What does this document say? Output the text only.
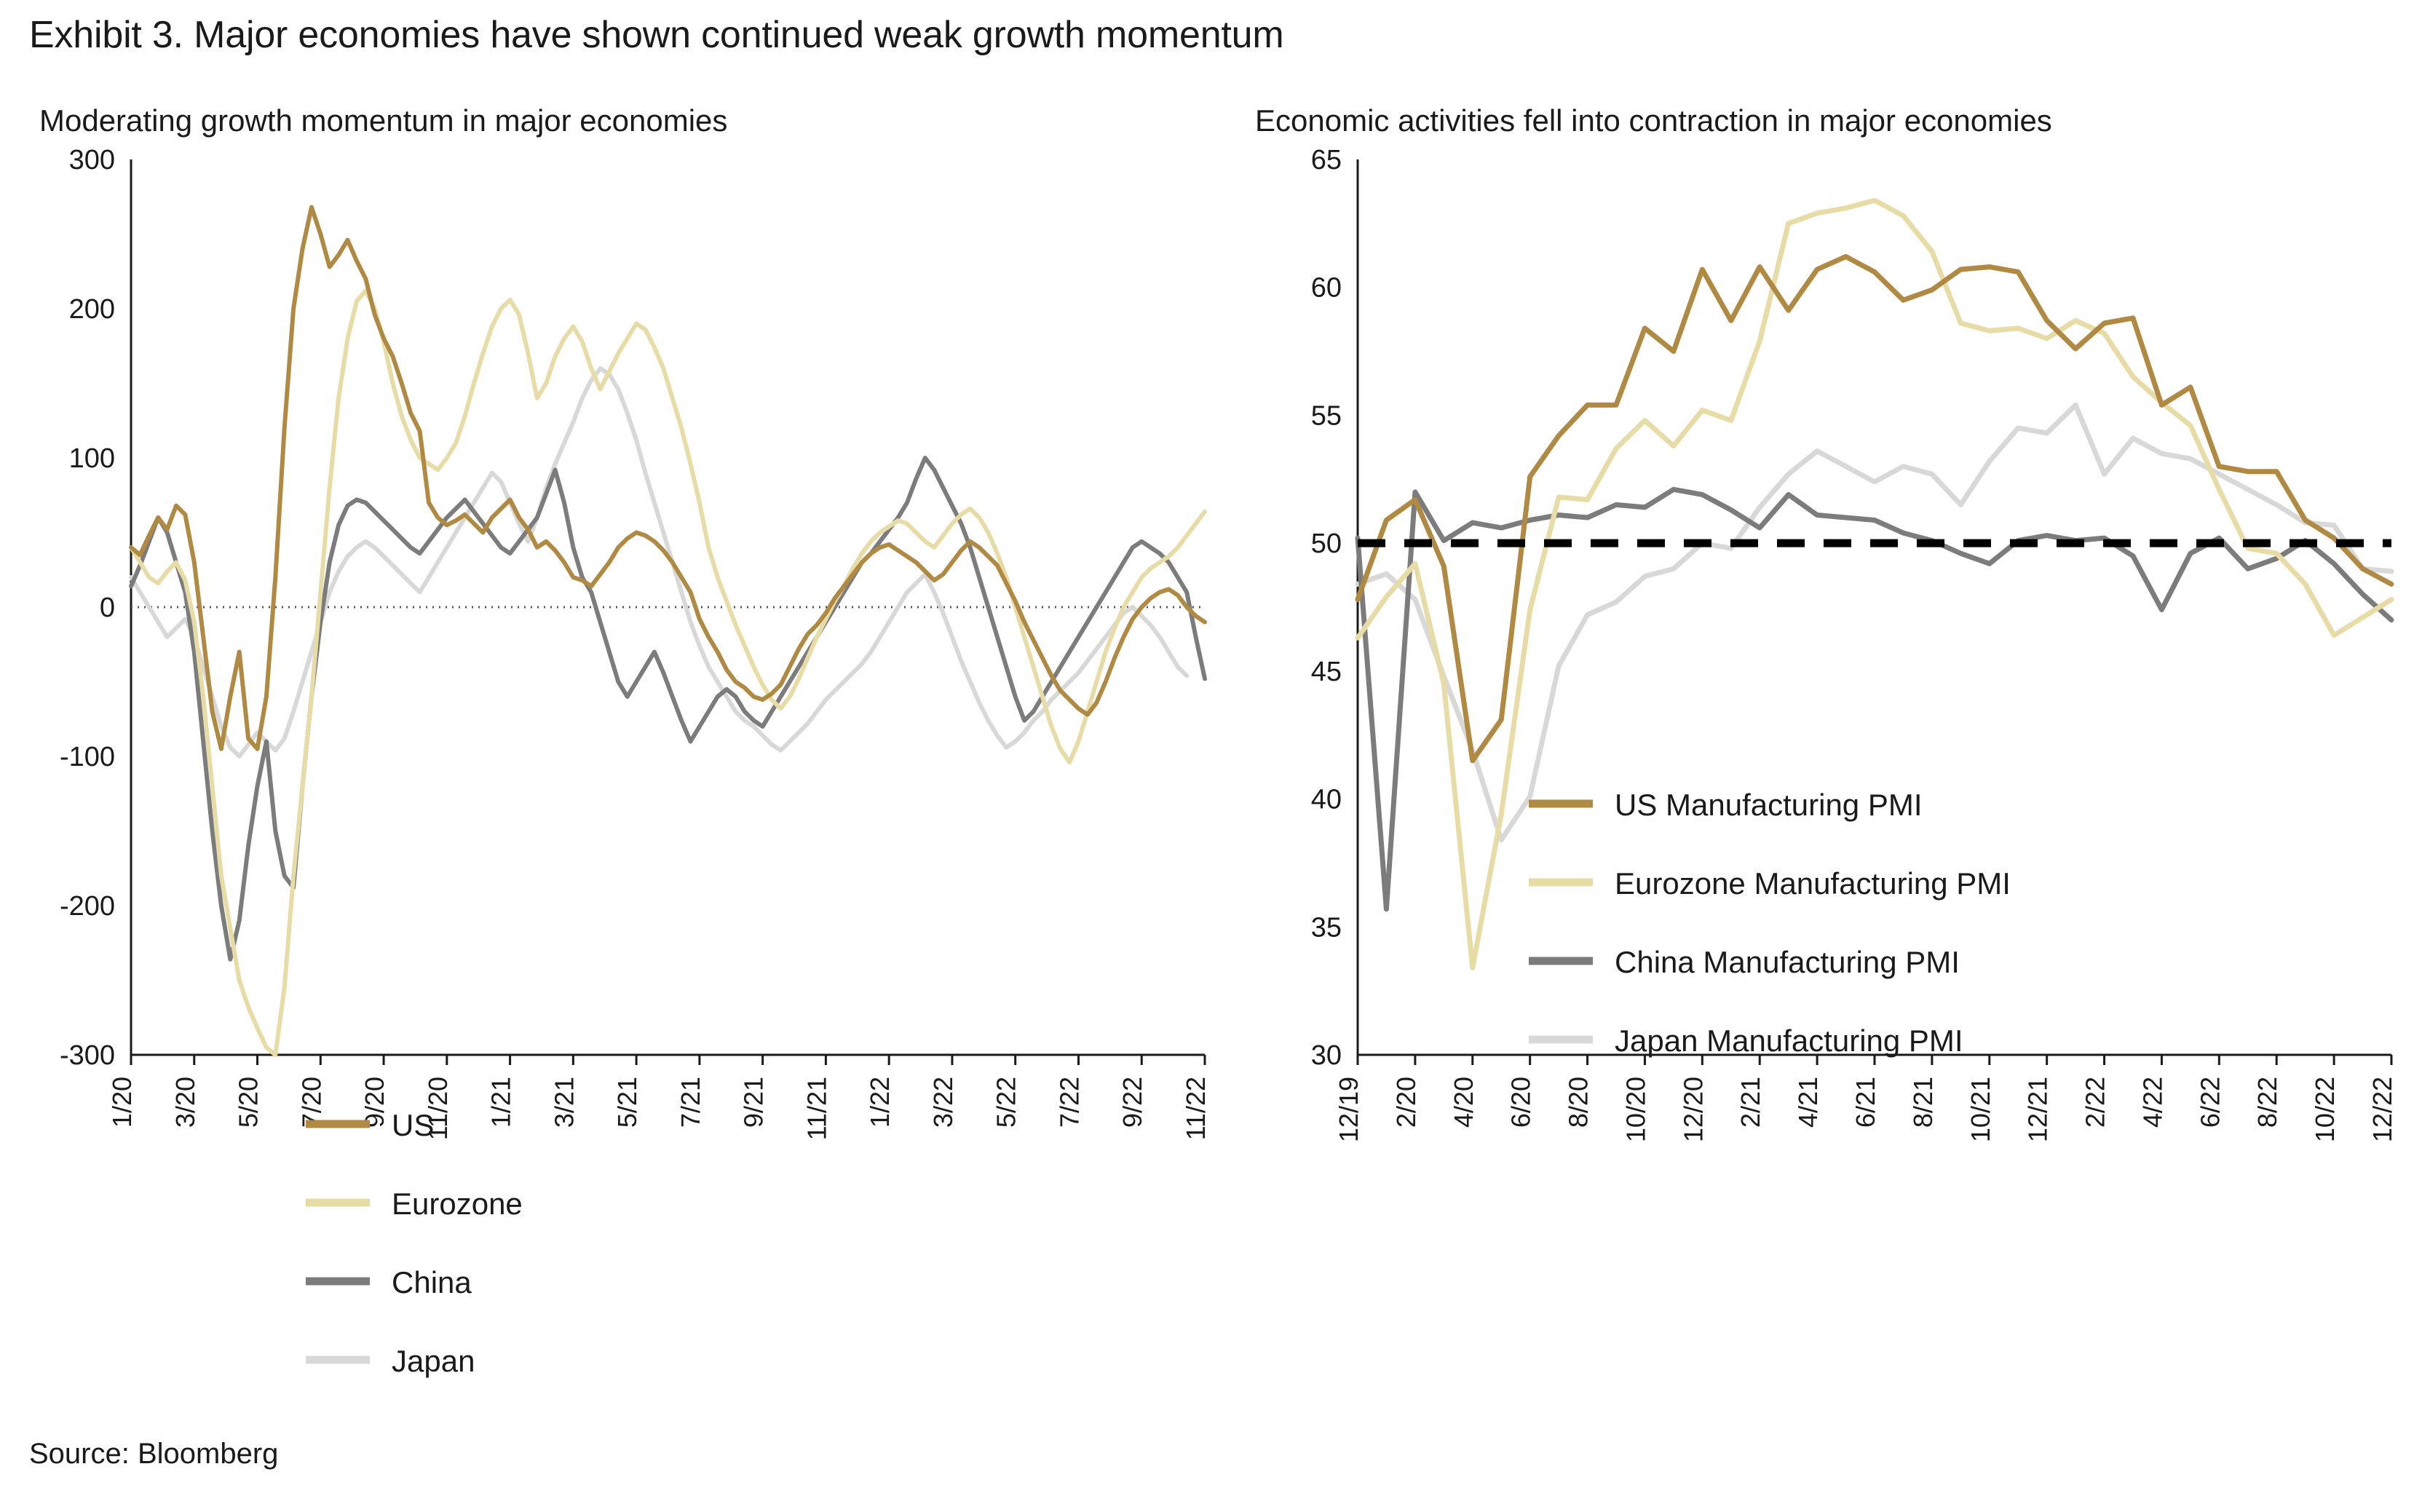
Exhibit 3. Major economies have shown continued weak growth momentum
Moderating growth momentum in major economies
-300
-200
-100
0
100
200
300
1/20 3/20 5/20 7/20 9/20 11/20 1/21 3/21 5/21 7/21 9/21 11/21 1/22 3/22 5/22 7/22 9/22 11/22
US
Eurozone
China
Japan
Economic activities fell into contraction in major economies
30
35
40
45
50
55
60
65
12/19 2/20 4/20 6/20 8/20 10/20 12/20 2/21 4/21 6/21 8/21 10/21 12/21 2/22 4/22 6/22 8/22 10/22 12/22
US Manufacturing PMI
Eurozone Manufacturing PMI
China Manufacturing PMI
Japan Manufacturing PMI
Source: Bloomberg
